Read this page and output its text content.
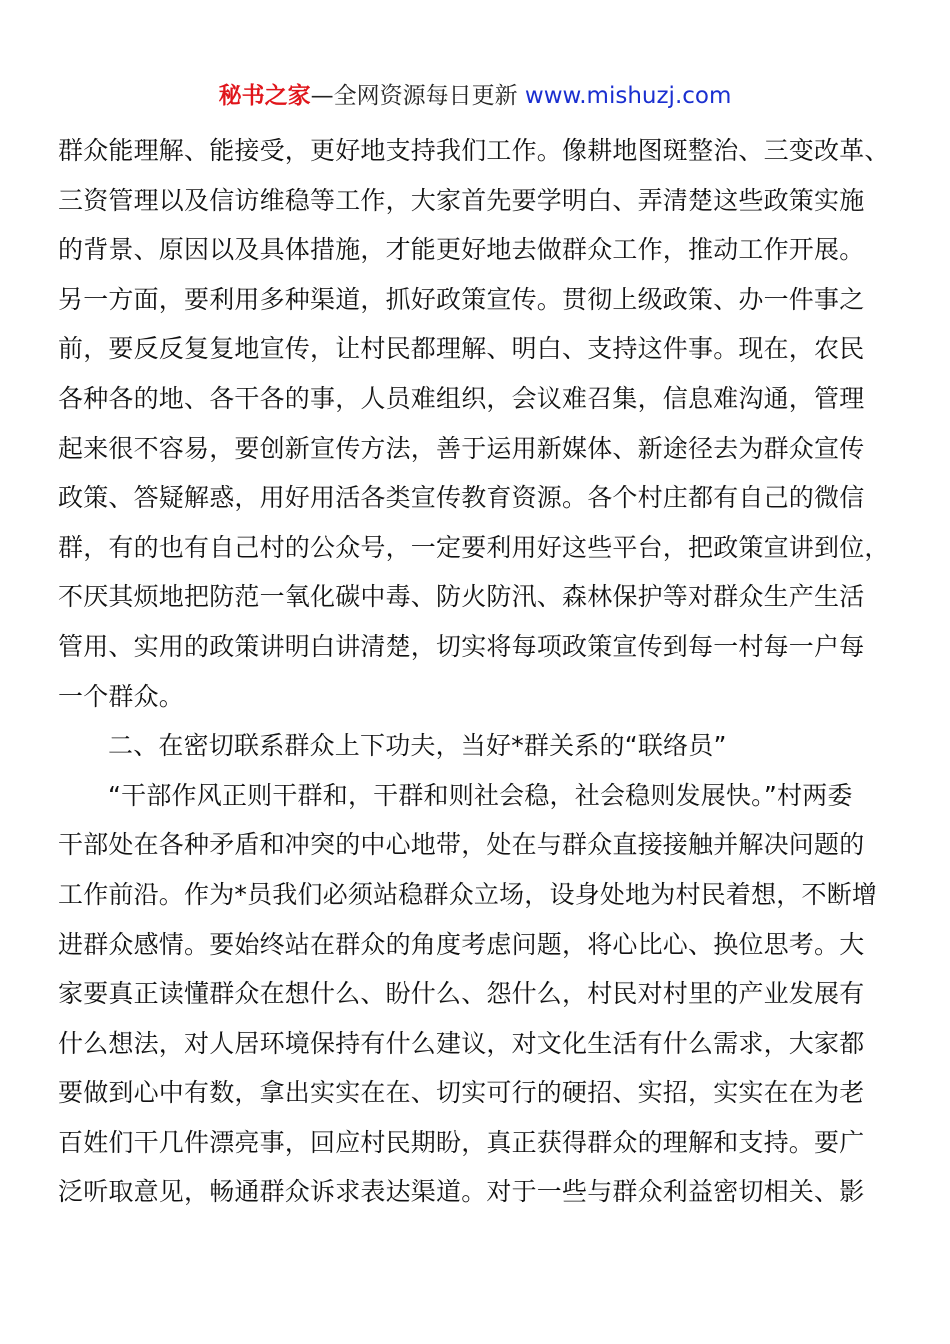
秘书之家—全网资源每日更新 www.mishuzj.com
群众能理解、能接受，更好地支持我们工作。像耕地图斑整治、三变改革、
三资管理以及信访维稳等工作，大家首先要学明白、弄清楚这些政策实施
的背景、原因以及具体措施，才能更好地去做群众工作，推动工作开展。
另一方面，要利用多种渠道，抓好政策宣传。贯彻上级政策、办一件事之
前，要反反复复地宣传，让村民都理解、明白、支持这件事。现在，农民
各种各的地、各干各的事，人员难组织，会议难召集，信息难沟通，管理
起来很不容易，要创新宣传方法，善于运用新媒体、新途径去为群众宣传
政策、答疑解惑，用好用活各类宣传教育资源。各个村庄都有自己的微信
群，有的也有自己村的公众号，一定要利用好这些平台，把政策宣讲到位，
不厌其烦地把防范一氧化碳中毒、防火防汛、森林保护等对群众生产生活
管用、实用的政策讲明白讲清楚，切实将每项政策宣传到每一村每一户每
一个群众。
二、在密切联系群众上下功夫，当好*群关系的“联络员”
“干部作风正则干群和，干群和则社会稳，社会稳则发展快。”村两委
干部处在各种矛盾和冲突的中心地带，处在与群众直接接触并解决问题的
工作前沿。作为*员我们必须站稳群众立场，设身处地为村民着想，不断增
进群众感情。要始终站在群众的角度考虑问题，将心比心、换位思考。大
家要真正读懂群众在想什么、盼什么、怨什么，村民对村里的产业发展有
什么想法，对人居环境保持有什么建议，对文化生活有什么需求，大家都
要做到心中有数，拿出实实在在、切实可行的硬招、实招，实实在在为老
百姓们干几件漂亮事，回应村民期盼，真正获得群众的理解和支持。要广
泛听取意见，畅通群众诉求表达渠道。对于一些与群众利益密切相关、影
